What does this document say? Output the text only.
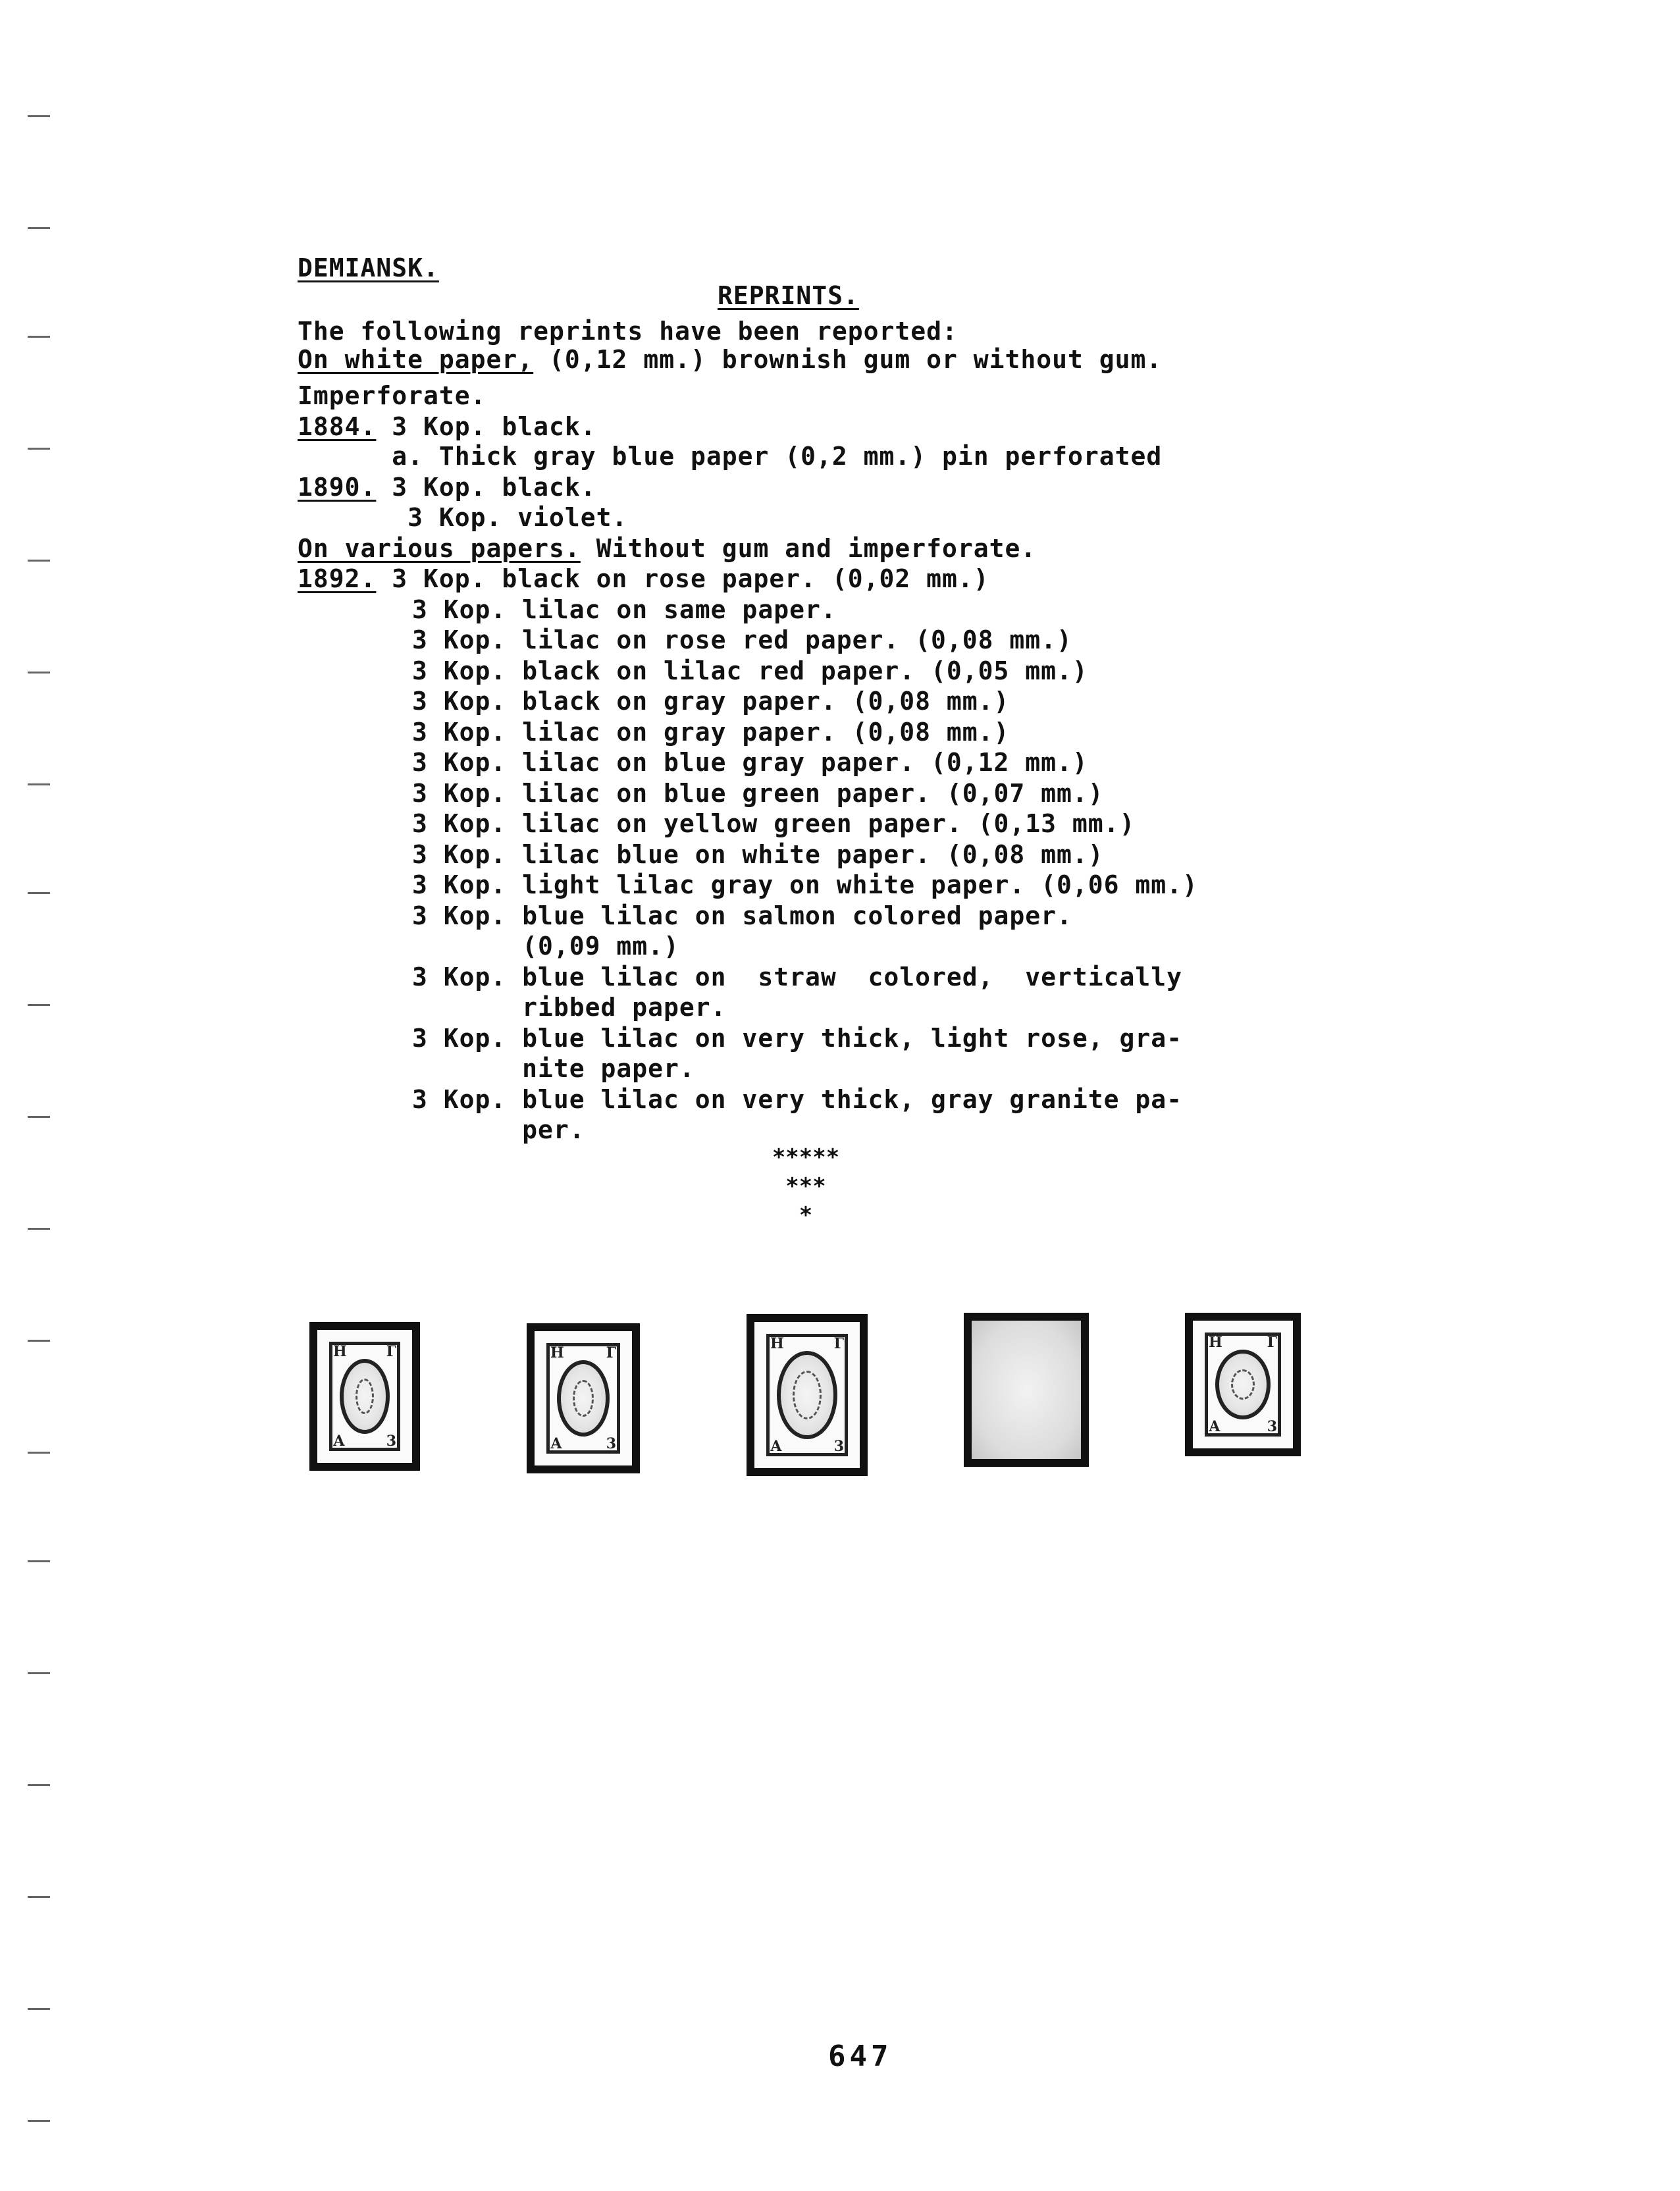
DEMIANSK.
REPRINTS.
The following reprints have been reported:
On white paper, (0,12 mm.) brownish gum or without gum.
Imperforate.
1884. 3 Kop. black.
a. Thick gray blue paper (0,2 mm.) pin perforated
1890. 3 Kop. black.
3 Kop. violet.
On various papers. Without gum and imperforate.
1892. 3 Kop. black on rose paper. (0,02 mm.)
3 Kop. lilac on same paper.
3 Kop. lilac on rose red paper. (0,08 mm.)
3 Kop. black on lilac red paper. (0,05 mm.)
3 Kop. black on gray paper. (0,08 mm.)
3 Kop. lilac on gray paper. (0,08 mm.)
3 Kop. lilac on blue gray paper. (0,12 mm.)
3 Kop. lilac on blue green paper. (0,07 mm.)
3 Kop. lilac on yellow green paper. (0,13 mm.)
3 Kop. lilac blue on white paper. (0,08 mm.)
3 Kop. light lilac gray on white paper. (0,06 mm.)
3 Kop. blue lilac on salmon colored paper.
(0,09 mm.)
3 Kop. blue lilac on  straw  colored,  vertically
ribbed paper.
3 Kop. blue lilac on very thick, light rose, gra-
nite paper.
3 Kop. blue lilac on very thick, gray granite pa-
per.
*****
***
*
Н	Г
А	3
Н	Г
А	3
Н	Г
А	3
Н	Г
А	3
647
